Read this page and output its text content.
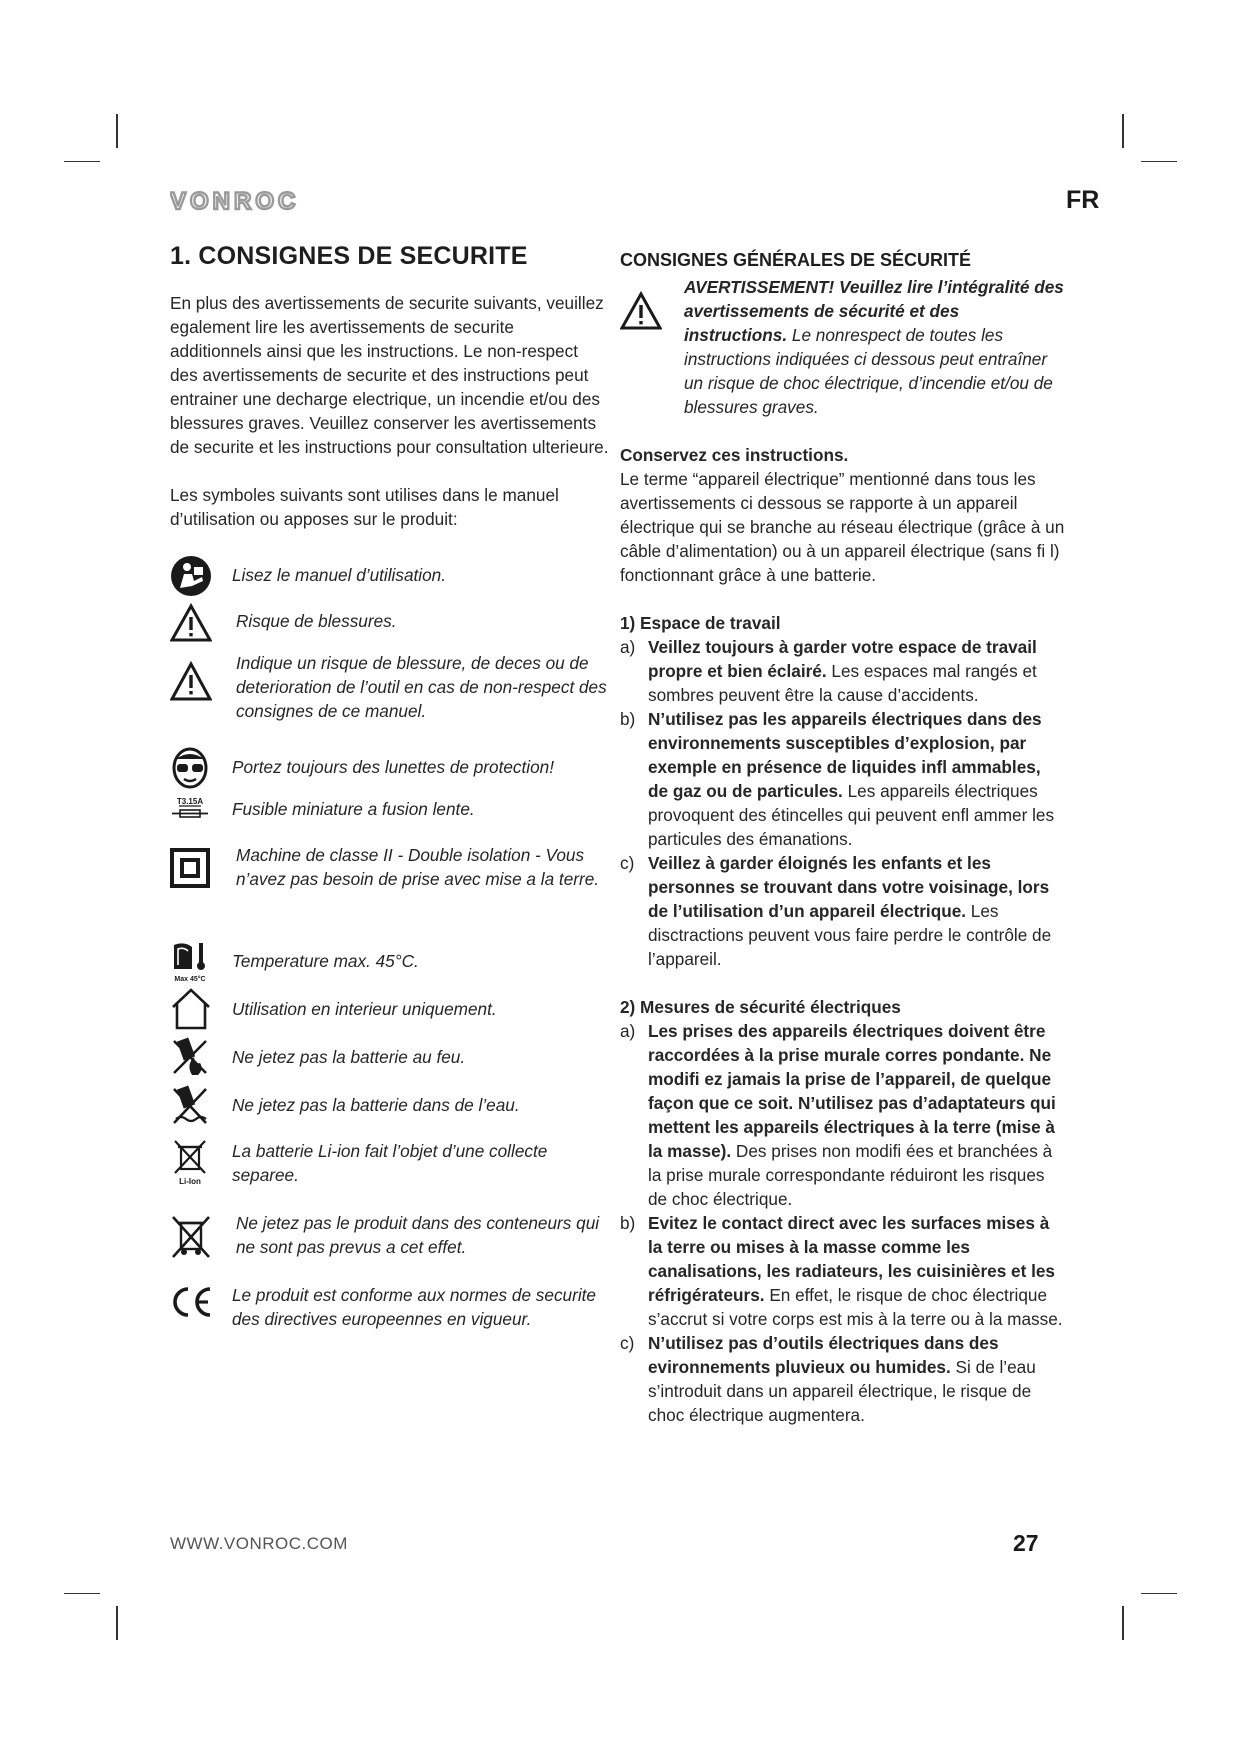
VONROC	FR
1. CONSIGNES DE SECURITE

En plus des avertissements de securite suivants, veuillez egalement lire les avertissements de securite additionnels ainsi que les instructions. Le non-respect des avertissements de securite et des instructions peut entrainer une decharge electrique, un incendie et/ou des blessures graves. Veuillez conserver les avertissements de securite et les instructions pour consultation ulterieure.

Les symboles suivants sont utilises dans le manuel d’utilisation ou apposes sur le produit:

Lisez le manuel d’utilisation.
Risque de blessures.
Indique un risque de blessure, de deces ou de deterioration de l’outil en cas de non-respect des consignes de ce manuel.
Portez toujours des lunettes de protection!
T3.15A Fusible miniature a fusion lente.
Machine de classe II - Double isolation - Vous n’avez pas besoin de prise avec mise a la terre.
Max 45°C
Temperature max. 45°C.
Utilisation en interieur uniquement.
Ne jetez pas la batterie au feu.
Ne jetez pas la batterie dans de l’eau.
Li-Ion
La batterie Li-ion fait l’objet d’une collecte separee.
Ne jetez pas le produit dans des conteneurs qui ne sont pas prevus a cet effet.
Le produit est conforme aux normes de securite des directives europeennes en vigueur.
CONSIGNES GÉNÉRALES DE SÉCURITÉ
AVERTISSEMENT! Veuillez lire l’intégralité des avertissements de sécurité et des instructions. Le nonrespect de toutes les instructions indiquées ci dessous peut entraîner un risque de choc électrique, d’incendie et/ou de blessures graves.

Conservez ces instructions.
Le terme “appareil électrique” mentionné dans tous les avertissements ci dessous se rapporte à un appareil électrique qui se branche au réseau électrique (grâce à un câble d’alimentation) ou à un appareil électrique (sans fi l) fonctionnant grâce à une batterie.

1) Espace de travail

a) Veillez toujours à garder votre espace de travail propre et bien éclairé. Les espaces mal rangés et sombres peuvent être la cause d’accidents.
b) N’utilisez pas les appareils électriques dans des environnements susceptibles d’explosion, par exemple en présence de liquides infl ammables, de gaz ou de particules. Les appareils électriques provoquent des étincelles qui peuvent enfl ammer les particules des émanations.
c) Veillez à garder éloignés les enfants et les personnes se trouvant dans votre voisinage, lors de l’utilisation d’un appareil électrique. Les disctractions peuvent vous faire perdre le contrôle de l’appareil.

2) Mesures de sécurité électriques

a) Les prises des appareils électriques doivent être raccordées à la prise murale corres pondante. Ne modifi ez jamais la prise de l’appareil, de quelque façon que ce soit. N’utilisez pas d’adaptateurs qui mettent les appareils électriques à la terre (mise à la masse). Des prises non modifi ées et branchées à la prise murale correspondante réduiront les risques de choc électrique.
b) Evitez le contact direct avec les surfaces mises à la terre ou mises à la masse comme les canalisations, les radiateurs, les cuisinières et les réfrigérateurs. En effet, le risque de choc électrique s’accrut si votre corps est mis à la terre ou à la masse.
c) N’utilisez pas d’outils électriques dans des evironnements pluvieux ou humides. Si de l’eau s’introduit dans un appareil électrique, le risque de choc électrique augmentera.
WWW.VONROC.COM	27
